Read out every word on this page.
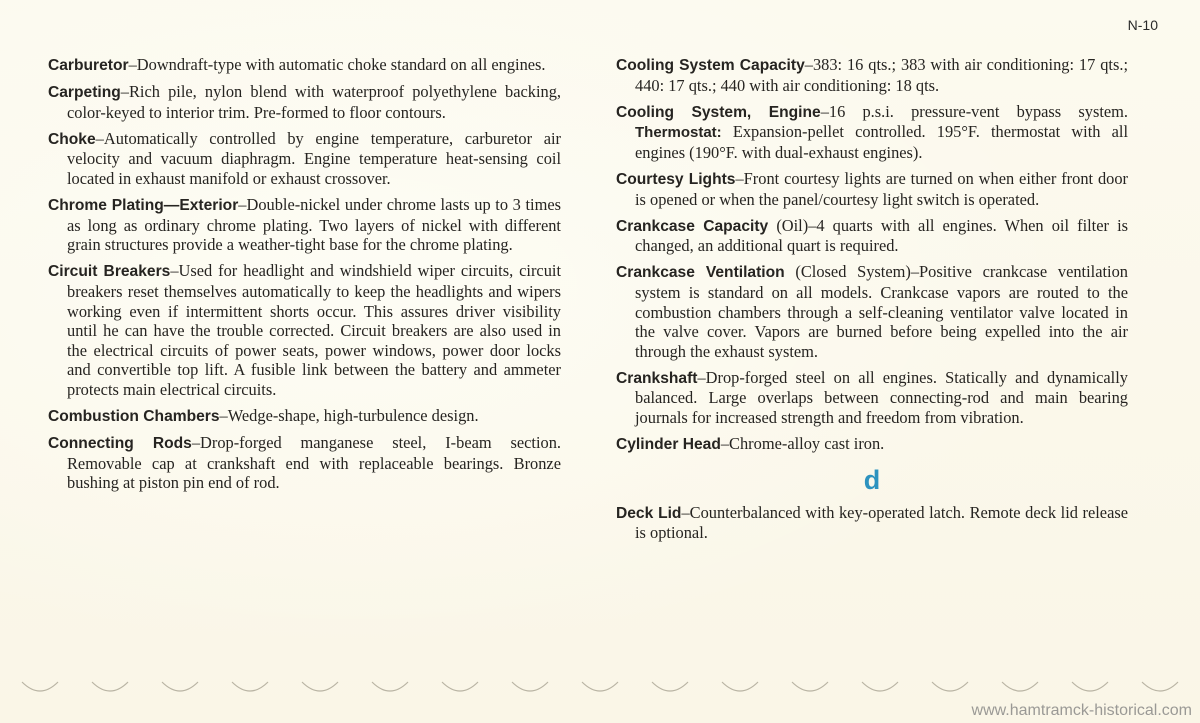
N-10

Carburetor–Downdraft-type with automatic choke standard on all engines.

Carpeting–Rich pile, nylon blend with waterproof polyethylene backing, color-keyed to interior trim. Pre-formed to floor contours.

Choke–Automatically controlled by engine temperature, carburetor air velocity and vacuum diaphragm. Engine temperature heat-sensing coil located in exhaust manifold or exhaust crossover.

Chrome Plating—Exterior–Double-nickel under chrome lasts up to 3 times as long as ordinary chrome plating. Two layers of nickel with different grain structures provide a weather-tight base for the chrome plating.

Circuit Breakers–Used for headlight and windshield wiper circuits, circuit breakers reset themselves automatically to keep the headlights and wipers working even if intermittent shorts occur. This assures driver visibility until he can have the trouble corrected. Circuit breakers are also used in the electrical circuits of power seats, power windows, power door locks and convertible top lift. A fusible link between the battery and ammeter protects main electrical circuits.

Combustion Chambers–Wedge-shape, high-turbulence design.

Connecting Rods–Drop-forged manganese steel, I-beam section. Removable cap at crankshaft end with replaceable bearings. Bronze bushing at piston pin end of rod.

Cooling System Capacity–383: 16 qts.; 383 with air conditioning: 17 qts.; 440: 17 qts.; 440 with air conditioning: 18 qts.

Cooling System, Engine–16 p.s.i. pressure-vent bypass system. Thermostat: Expansion-pellet controlled. 195°F. thermostat with all engines (190°F. with dual-exhaust engines).

Courtesy Lights–Front courtesy lights are turned on when either front door is opened or when the panel/courtesy light switch is operated.

Crankcase Capacity (Oil)–4 quarts with all engines. When oil filter is changed, an additional quart is required.

Crankcase Ventilation (Closed System)–Positive crankcase ventilation system is standard on all models. Crankcase vapors are routed to the combustion chambers through a self-cleaning ventilator valve located in the valve cover. Vapors are burned before being expelled into the air through the exhaust system.

Crankshaft–Drop-forged steel on all engines. Statically and dynamically balanced. Large overlaps between connecting-rod and main bearing journals for increased strength and freedom from vibration.

Cylinder Head–Chrome-alloy cast iron.

d

Deck Lid–Counterbalanced with key-operated latch. Remote deck lid release is optional.

www.hamtramck-historical.com
